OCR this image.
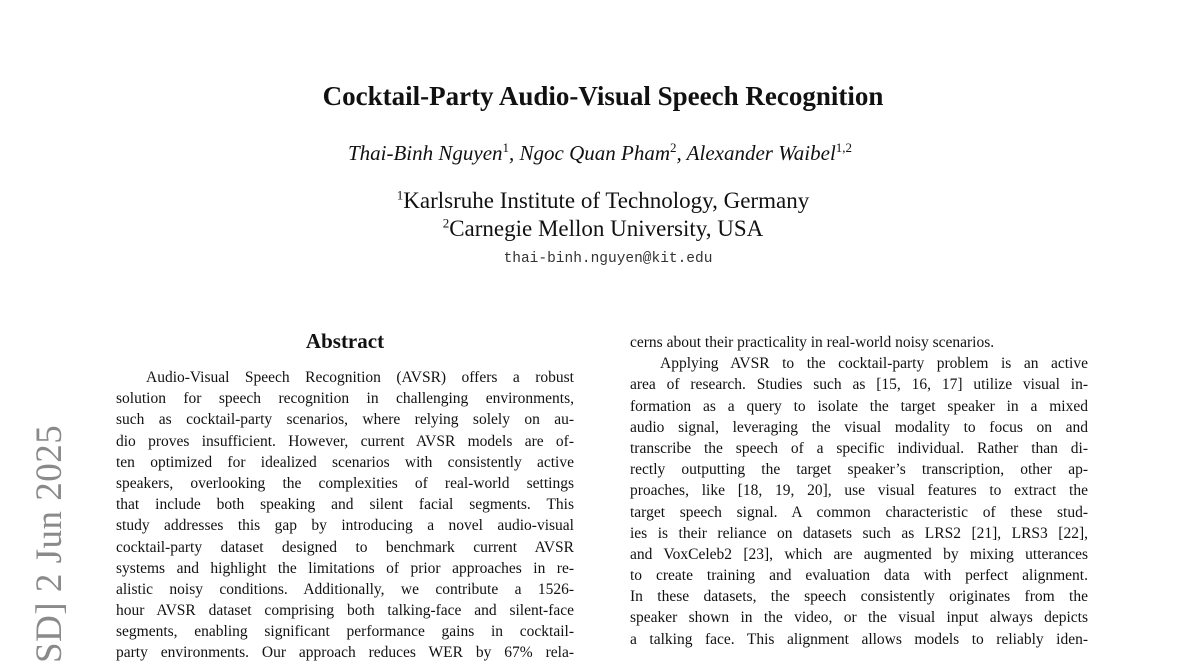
Cocktail-Party Audio-Visual Speech Recognition
Thai-Binh Nguyen$^1$, Ngoc Quan Pham$^2$, Alexander Waibel$^{1,2}$
$^1$Karlsruhe Institute of Technology, Germany
$^2$Carnegie Mellon University, USA
thai-binh.nguyen@kit.edu
SD] 2 Jun 2025
Abstract
Audio-Visual Speech Recognition (AVSR) offers a robust
solution for speech recognition in challenging environments,
such as cocktail-party scenarios, where relying solely on au-
dio proves insufficient. However, current AVSR models are of-
ten optimized for idealized scenarios with consistently active
speakers, overlooking the complexities of real-world settings
that include both speaking and silent facial segments. This
study addresses this gap by introducing a novel audio-visual
cocktail-party dataset designed to benchmark current AVSR
systems and highlight the limitations of prior approaches in re-
alistic noisy conditions. Additionally, we contribute a 1526-
hour AVSR dataset comprising both talking-face and silent-face
segments, enabling significant performance gains in cocktail-
party environments. Our approach reduces WER by 67% rela-
cerns about their practicality in real-world noisy scenarios.
Applying AVSR to the cocktail-party problem is an active
area of research. Studies such as [15, 16, 17] utilize visual in-
formation as a query to isolate the target speaker in a mixed
audio signal, leveraging the visual modality to focus on and
transcribe the speech of a specific individual. Rather than di-
rectly outputting the target speaker’s transcription, other ap-
proaches, like [18, 19, 20], use visual features to extract the
target speech signal. A common characteristic of these stud-
ies is their reliance on datasets such as LRS2 [21], LRS3 [22],
and VoxCeleb2 [23], which are augmented by mixing utterances
to create training and evaluation data with perfect alignment.
In these datasets, the speech consistently originates from the
speaker shown in the video, or the visual input always depicts
a talking face. This alignment allows models to reliably iden-
